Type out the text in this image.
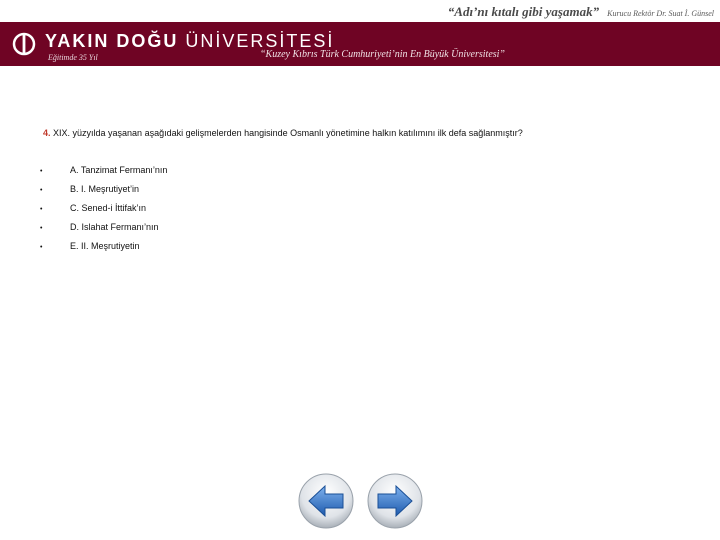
“Adı’nı kıtalı gibi yaşamak” Kurucu Rektör Dr. Suat İ. Günsel
YAKIN DOĞU ÜNİVERSİTESİ
Eğitimde 35 Yıl	“Kuzey Kıbrıs Türk Cumhuriyeti’nin En Büyük Üniversitesi”
4. XIX. yüzyılda yaşanan aşağıdaki gelişmelerden hangisinde Osmanlı yönetimine halkın katılımını ilk defa sağlanmıştır?
•	A. Tanzimat Fermanı’nın
•	B. I. Meşrutiyet’in
•	C. Sened-i İttifak’ın
•	D. Islahat Fermanı’nın
•	E. II. Meşrutiyetin
